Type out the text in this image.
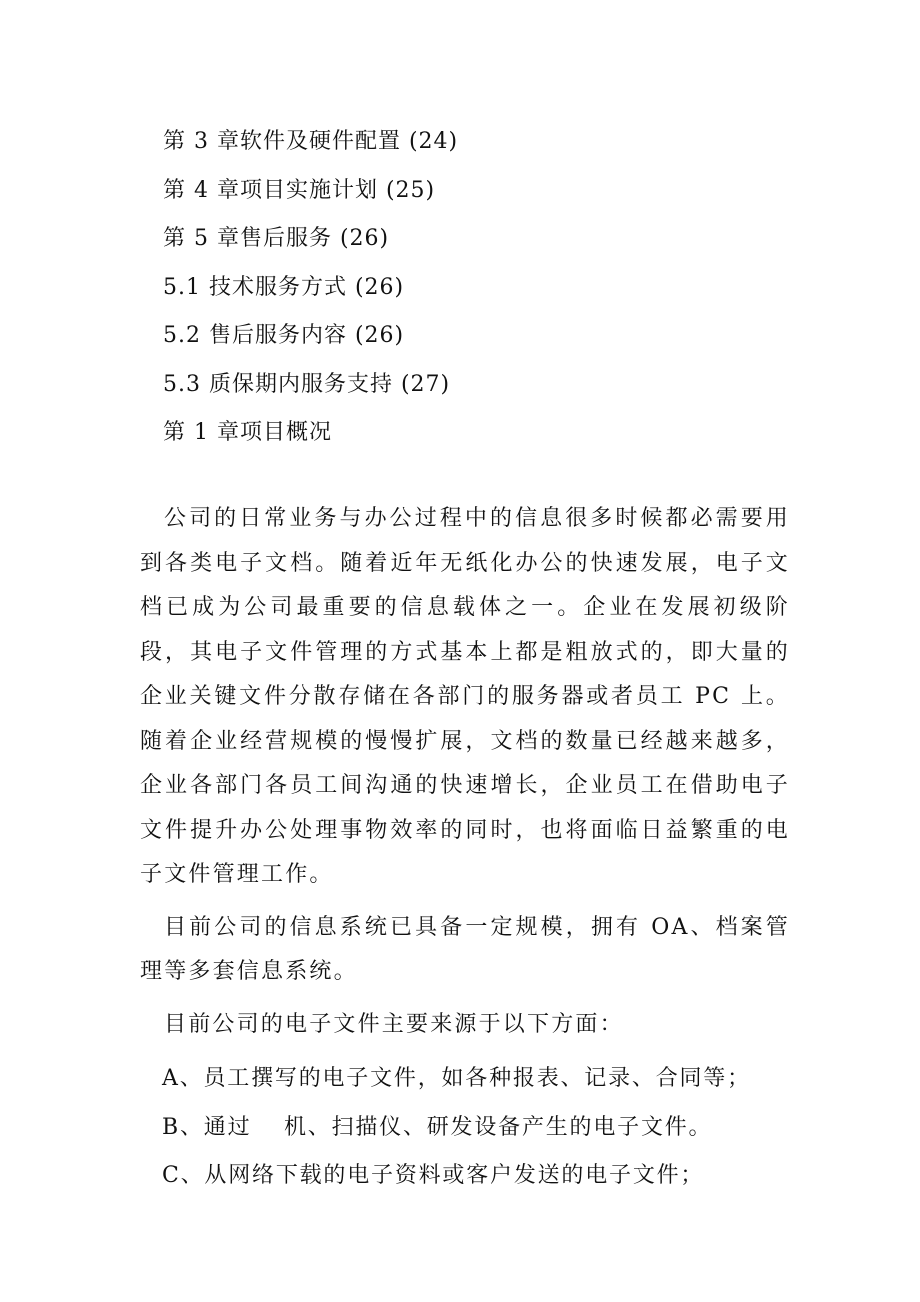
第 3 章软件及硬件配置 (24)
第 4 章项目实施计划 (25)
第 5 章售后服务 (26)
5.1 技术服务方式 (26)
5.2 售后服务内容 (26)
5.3 质保期内服务支持 (27)
第 1 章项目概况

公司的日常业务与办公过程中的信息很多时候都必需要用到各类电子文档。随着近年无纸化办公的快速发展，电子文档已成为公司最重要的信息载体之一。企业在发展初级阶段，其电子文件管理的方式基本上都是粗放式的，即大量的企业关键文件分散存储在各部门的服务器或者员工 PC 上。随着企业经营规模的慢慢扩展，文档的数量已经越来越多，企业各部门各员工间沟通的快速增长，企业员工在借助电子文件提升办公处理事物效率的同时，也将面临日益繁重的电子文件管理工作。

目前公司的信息系统已具备一定规模，拥有 OA、档案管理等多套信息系统。

目前公司的电子文件主要来源于以下方面：

A、员工撰写的电子文件，如各种报表、记录、合同等；
B、通过　 机、扫描仪、研发设备产生的电子文件。
C、从网络下载的电子资料或客户发送的电子文件；
